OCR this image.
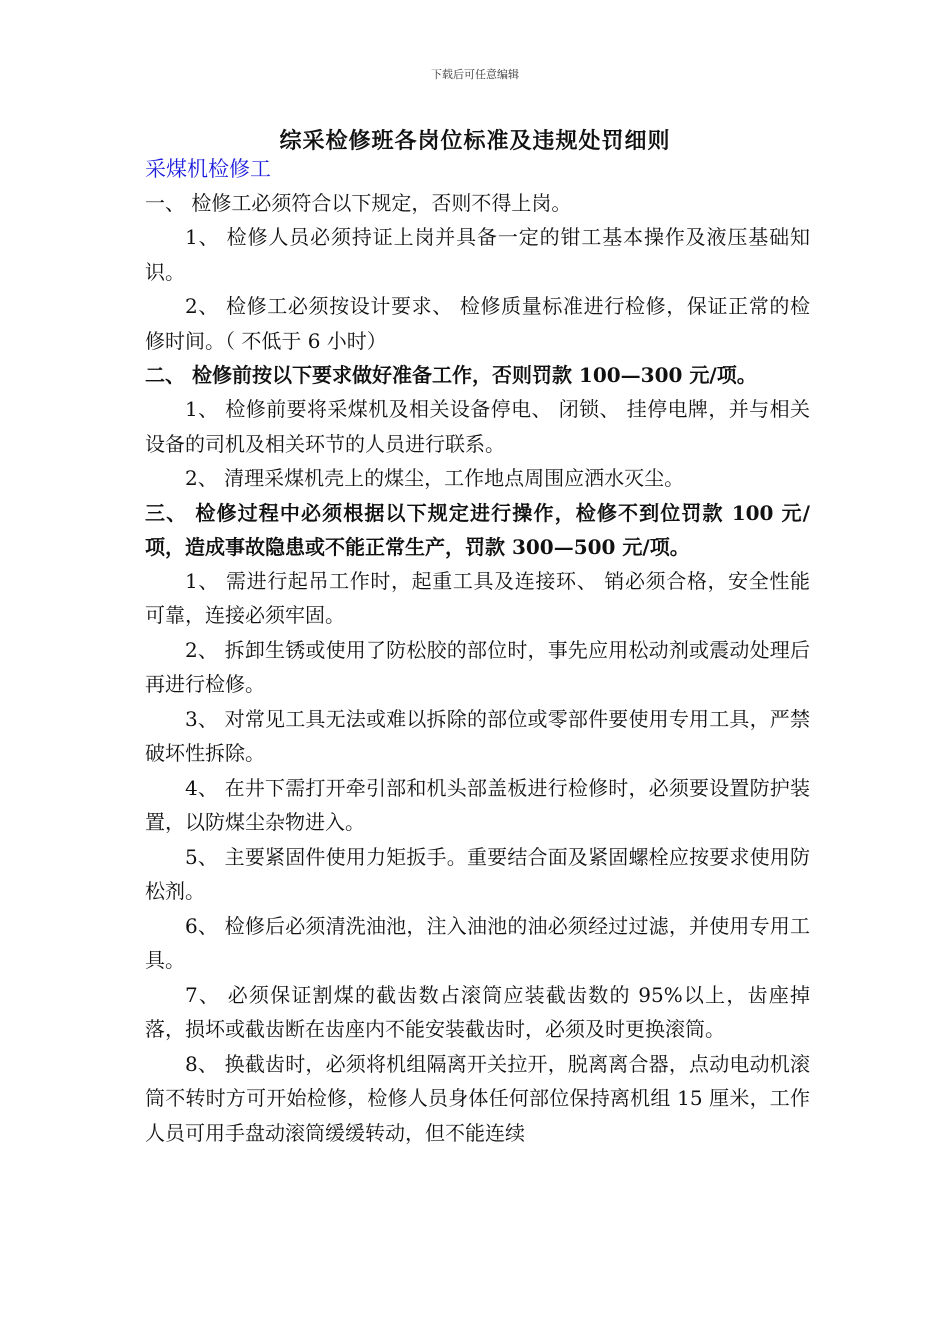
下载后可任意编辑
综采检修班各岗位标准及违规处罚细则

采煤机检修工

一、 检修工必须符合以下规定，否则不得上岗。

1、 检修人员必须持证上岗并具备一定的钳工基本操作及液压基础知识。

2、 检修工必须按设计要求、 检修质量标准进行检修，保证正常的检修时间。（ 不低于 6 小时）

二、 检修前按以下要求做好准备工作，否则罚款 100—300 元/项。

1、 检修前要将采煤机及相关设备停电、 闭锁、 挂停电牌，并与相关设备的司机及相关环节的人员进行联系。

2、 清理采煤机壳上的煤尘，工作地点周围应洒水灭尘。

三、 检修过程中必须根据以下规定进行操作，检修不到位罚款 100 元/项，造成事故隐患或不能正常生产，罚款 300—500 元/项。

1、 需进行起吊工作时，起重工具及连接环、 销必须合格，安全性能可靠，连接必须牢固。

2、 拆卸生锈或使用了防松胶的部位时，事先应用松动剂或震动处理后再进行检修。

3、 对常见工具无法或难以拆除的部位或零部件要使用专用工具，严禁破坏性拆除。

4、 在井下需打开牵引部和机头部盖板进行检修时，必须要设置防护装置，以防煤尘杂物进入。

5、 主要紧固件使用力矩扳手。重要结合面及紧固螺栓应按要求使用防松剂。

6、 检修后必须清洗油池，注入油池的油必须经过过滤，并使用专用工具。

7、 必须保证割煤的截齿数占滚筒应装截齿数的 95%以上，齿座掉落，损坏或截齿断在齿座内不能安装截齿时，必须及时更换滚筒。

8、 换截齿时，必须将机组隔离开关拉开，脱离离合器，点动电动机滚筒不转时方可开始检修，检修人员身体任何部位保持离机组 15 厘米，工作人员可用手盘动滚筒缓缓转动，但不能连续
